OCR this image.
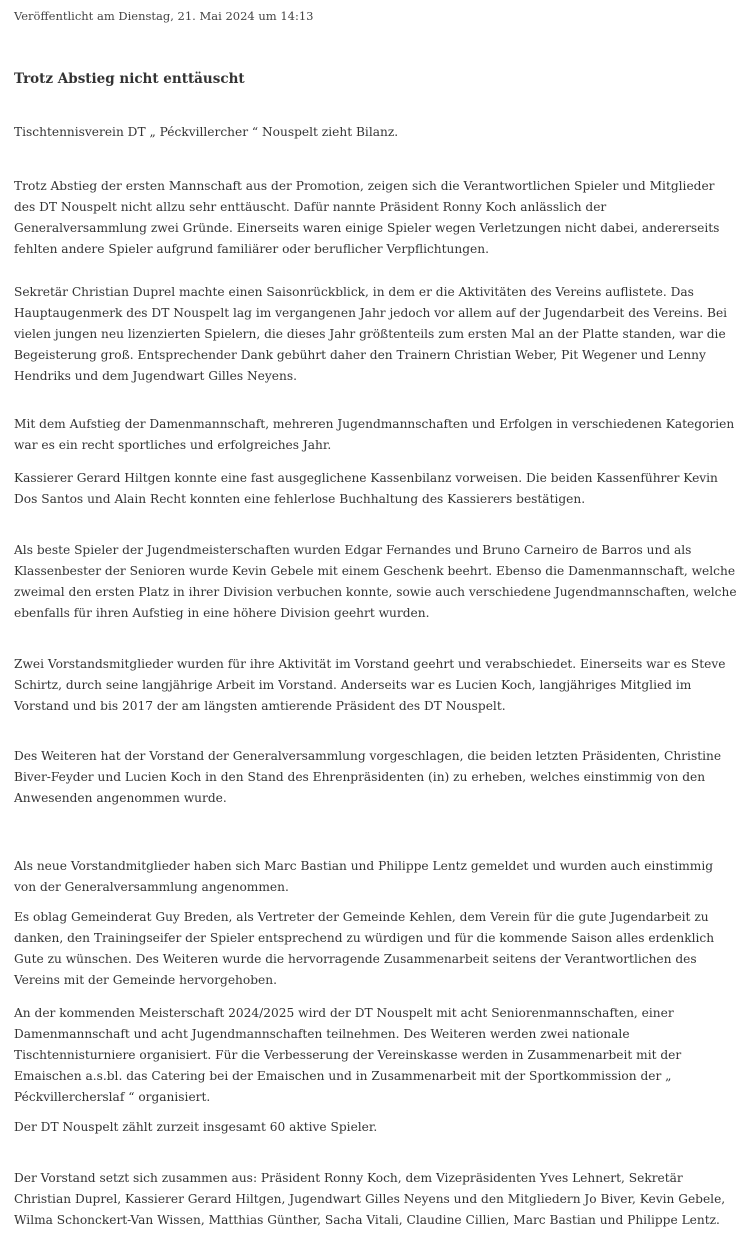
Veröffentlicht am Dienstag, 21. Mai 2024 um 14:13
Trotz Abstieg nicht enttäuscht

Tischtennisverein DT „ Péckvillercher “ Nouspelt zieht Bilanz.

Trotz Abstieg der ersten Mannschaft aus der Promotion, zeigen sich die Verantwortlichen Spieler und Mitglieder des DT Nouspelt nicht allzu sehr enttäuscht. Dafür nannte Präsident Ronny Koch anlässlich der Generalversammlung zwei Gründe. Einerseits waren einige Spieler wegen Verletzungen nicht dabei, andererseits fehlten andere Spieler aufgrund familiärer oder beruflicher Verpflichtungen.

Sekretär Christian Duprel machte einen Saisonrückblick, in dem er die Aktivitäten des Vereins auflistete. Das Hauptaugenmerk des DT Nouspelt lag im vergangenen Jahr jedoch vor allem auf der Jugendarbeit des Vereins. Bei vielen jungen neu lizenzierten Spielern, die dieses Jahr größtenteils zum ersten Mal an der Platte standen, war die Begeisterung groß. Entsprechender Dank gebührt daher den Trainern Christian Weber, Pit Wegener und Lenny Hendriks und dem Jugendwart Gilles Neyens.

Mit dem Aufstieg der Damenmannschaft, mehreren Jugendmannschaften und Erfolgen in verschiedenen Kategorien war es ein recht sportliches und erfolgreiches Jahr.

Kassierer Gerard Hiltgen konnte eine fast ausgeglichene Kassenbilanz vorweisen. Die beiden Kassenführer Kevin Dos Santos und Alain Recht konnten eine fehlerlose Buchhaltung des Kassierers bestätigen.

Als beste Spieler der Jugendmeisterschaften wurden Edgar Fernandes und Bruno Carneiro de Barros und als Klassenbester der Senioren wurde Kevin Gebele mit einem Geschenk beehrt. Ebenso die Damenmannschaft, welche zweimal den ersten Platz in ihrer Division verbuchen konnte, sowie auch verschiedene Jugendmannschaften, welche ebenfalls für ihren Aufstieg in eine höhere Division geehrt wurden.

Zwei Vorstandsmitglieder wurden für ihre Aktivität im Vorstand geehrt und verabschiedet. Einerseits war es Steve Schirtz, durch seine langjährige Arbeit im Vorstand. Anderseits war es Lucien Koch, langjähriges Mitglied im Vorstand und bis 2017 der am längsten amtierende Präsident des DT Nouspelt.

Des Weiteren hat der Vorstand der Generalversammlung vorgeschlagen, die beiden letzten Präsidenten, Christine Biver-Feyder und Lucien Koch in den Stand des Ehrenpräsidenten (in) zu erheben, welches einstimmig von den Anwesenden angenommen wurde.

Als neue Vorstandmitglieder haben sich Marc Bastian und Philippe Lentz gemeldet und wurden auch einstimmig von der Generalversammlung angenommen.

Es oblag Gemeinderat Guy Breden, als Vertreter der Gemeinde Kehlen, dem Verein für die gute Jugendarbeit zu danken, den Trainingseifer der Spieler entsprechend zu würdigen und für die kommende Saison alles erdenklich Gute zu wünschen. Des Weiteren wurde die hervorragende Zusammenarbeit seitens der Verantwortlichen des Vereins mit der Gemeinde hervorgehoben.

An der kommenden Meisterschaft 2024/2025 wird der DT Nouspelt mit acht Seniorenmannschaften, einer Damenmannschaft und acht Jugendmannschaften teilnehmen. Des Weiteren werden zwei nationale Tischtennisturniere organisiert. Für die Verbesserung der Vereinskasse werden in Zusammenarbeit mit der Emaischen a.s.bl. das Catering bei der Emaischen und in Zusammenarbeit mit der Sportkommission der „ Péckvillercherslaf “ organisiert.

Der DT Nouspelt zählt zurzeit insgesamt 60 aktive Spieler.

Der Vorstand setzt sich zusammen aus: Präsident Ronny Koch, dem Vizepräsidenten Yves Lehnert, Sekretär Christian Duprel, Kassierer Gerard Hiltgen, Jugendwart Gilles Neyens und den Mitgliedern Jo Biver, Kevin Gebele, Wilma Schonckert-Van Wissen, Matthias Günther, Sacha Vitali, Claudine Cillien, Marc Bastian und Philippe Lentz.
